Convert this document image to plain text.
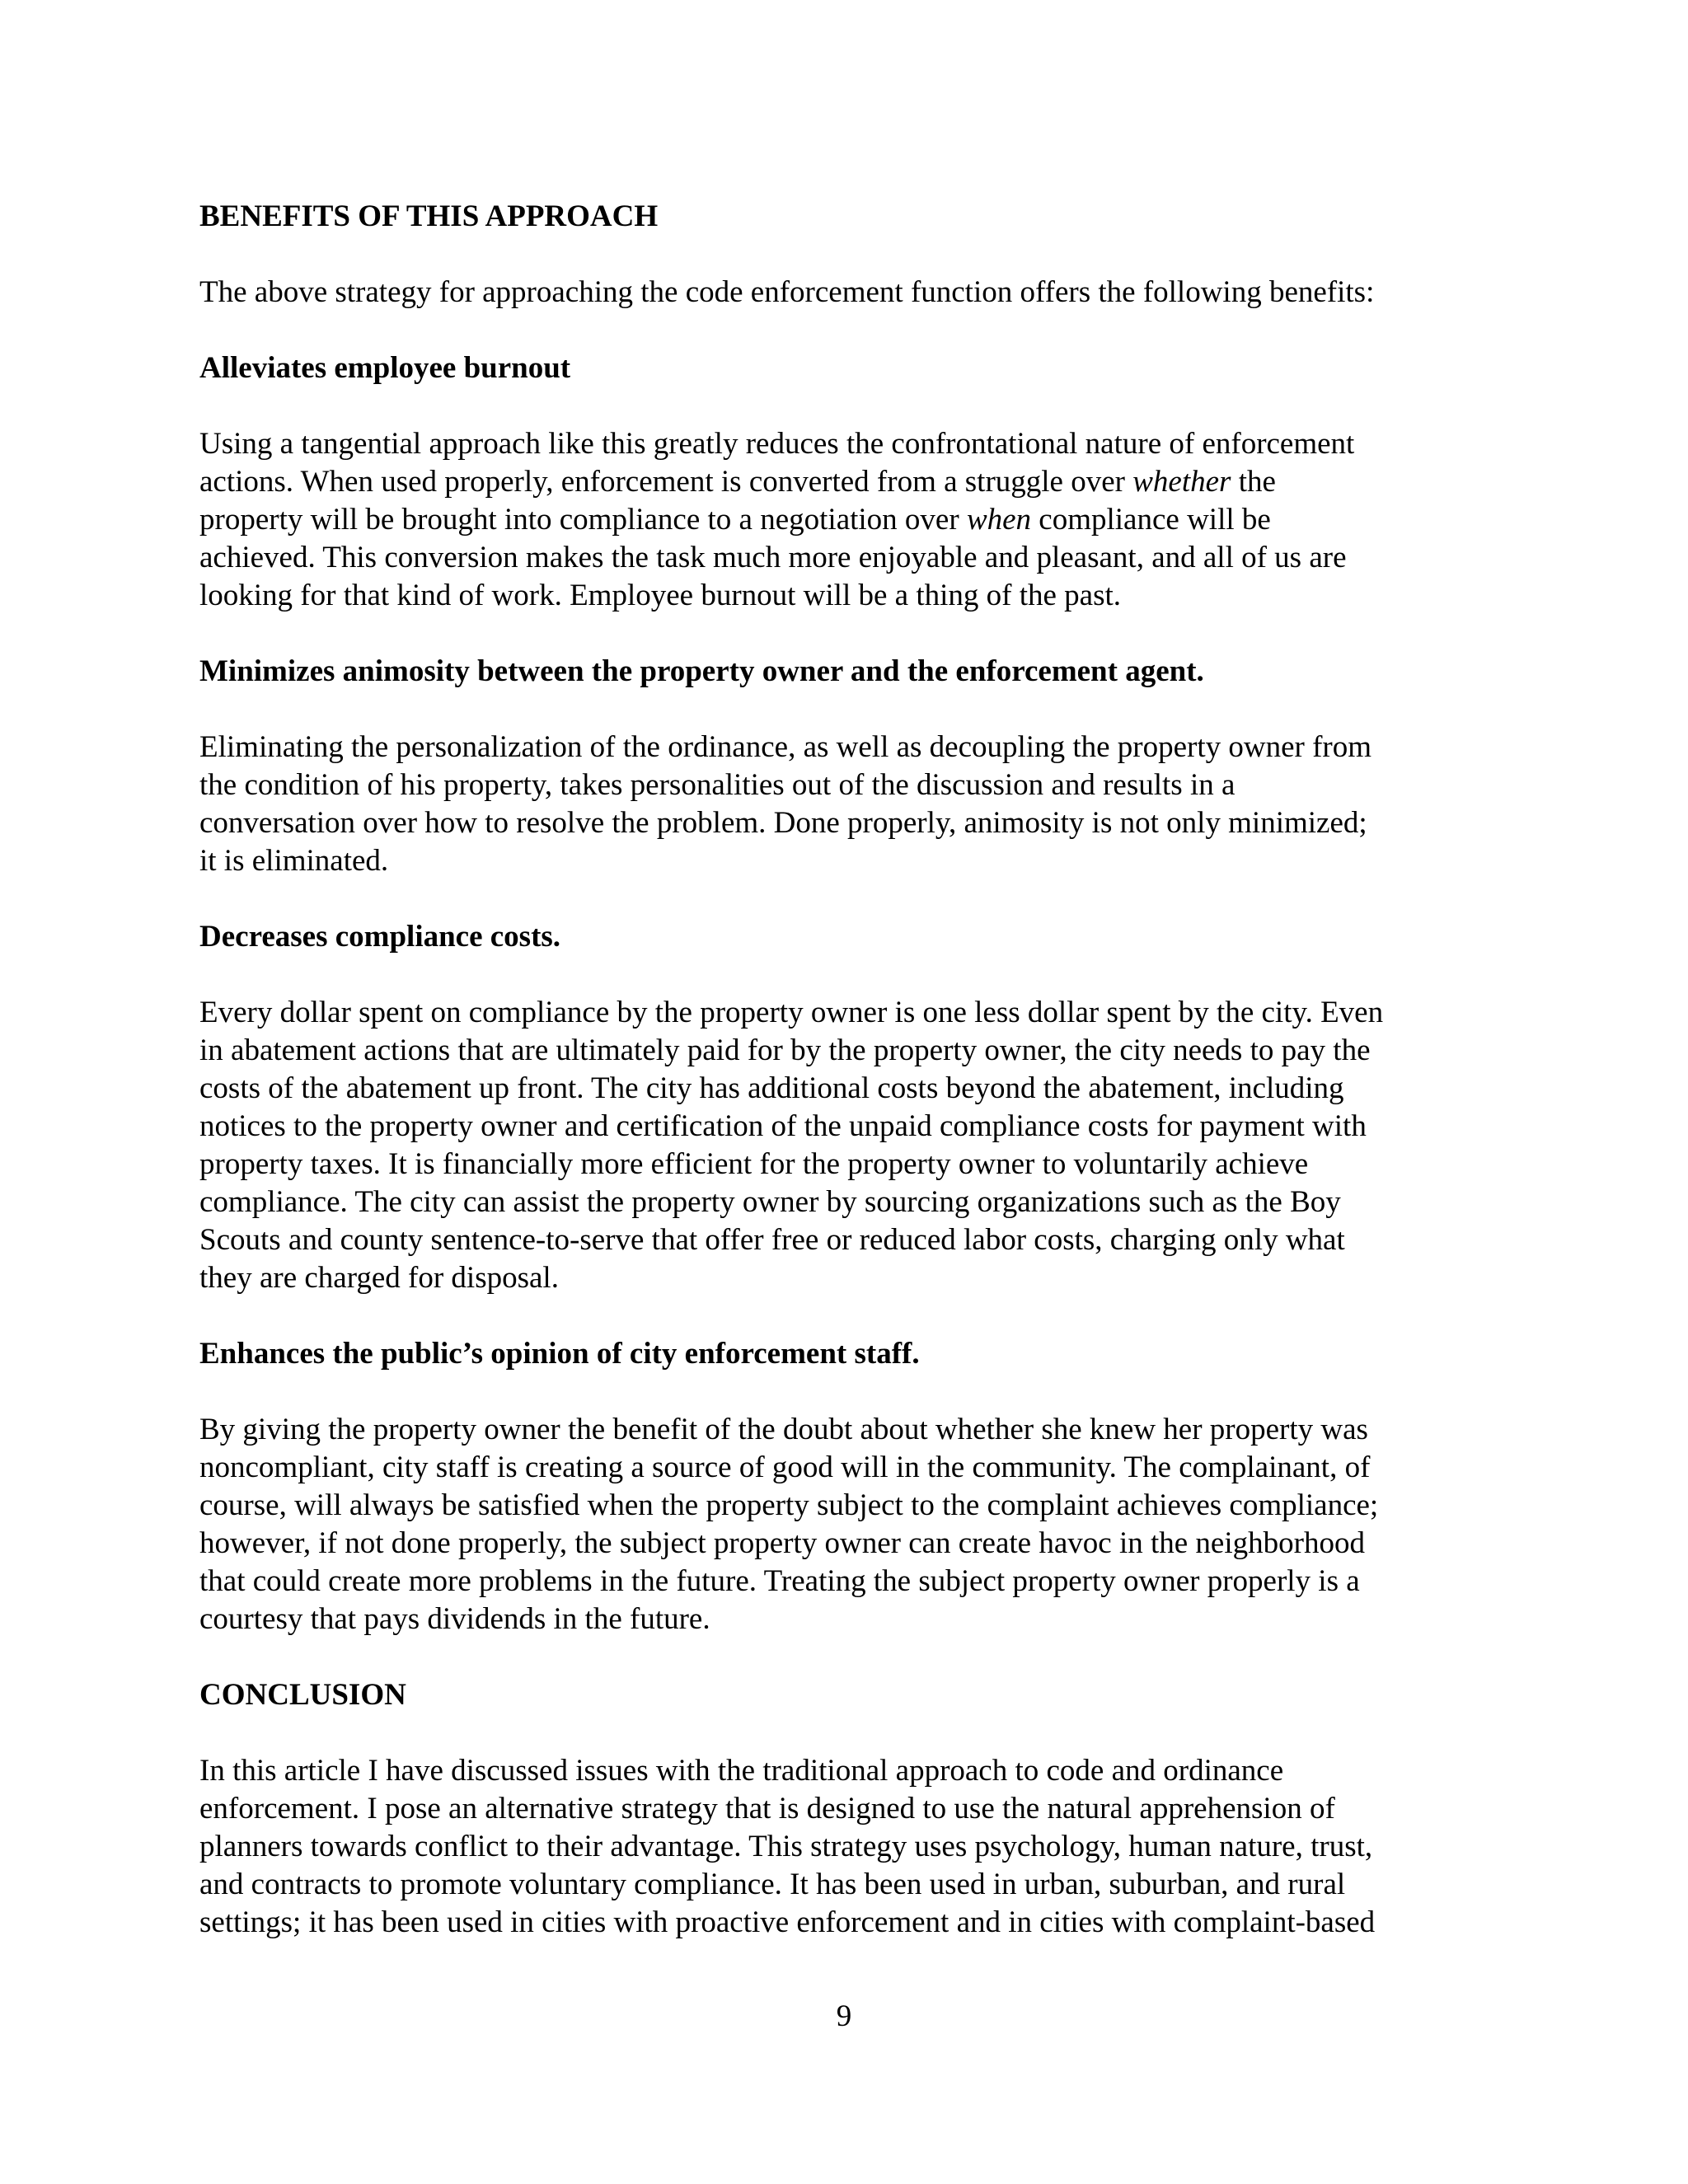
BENEFITS OF THIS APPROACH
The above strategy for approaching the code enforcement function offers the following benefits:
Alleviates employee burnout
Using a tangential approach like this greatly reduces the confrontational nature of enforcement
actions. When used properly, enforcement is converted from a struggle over whether the
property will be brought into compliance to a negotiation over when compliance will be
achieved. This conversion makes the task much more enjoyable and pleasant, and all of us are
looking for that kind of work. Employee burnout will be a thing of the past.
Minimizes animosity between the property owner and the enforcement agent.
Eliminating the personalization of the ordinance, as well as decoupling the property owner from
the condition of his property, takes personalities out of the discussion and results in a
conversation over how to resolve the problem. Done properly, animosity is not only minimized;
it is eliminated.
Decreases compliance costs.
Every dollar spent on compliance by the property owner is one less dollar spent by the city. Even
in abatement actions that are ultimately paid for by the property owner, the city needs to pay the
costs of the abatement up front. The city has additional costs beyond the abatement, including
notices to the property owner and certification of the unpaid compliance costs for payment with
property taxes. It is financially more efficient for the property owner to voluntarily achieve
compliance. The city can assist the property owner by sourcing organizations such as the Boy
Scouts and county sentence-to-serve that offer free or reduced labor costs, charging only what
they are charged for disposal.
Enhances the public’s opinion of city enforcement staff.
By giving the property owner the benefit of the doubt about whether she knew her property was
noncompliant, city staff is creating a source of good will in the community. The complainant, of
course, will always be satisfied when the property subject to the complaint achieves compliance;
however, if not done properly, the subject property owner can create havoc in the neighborhood
that could create more problems in the future. Treating the subject property owner properly is a
courtesy that pays dividends in the future.
CONCLUSION
In this article I have discussed issues with the traditional approach to code and ordinance
enforcement. I pose an alternative strategy that is designed to use the natural apprehension of
planners towards conflict to their advantage. This strategy uses psychology, human nature, trust,
and contracts to promote voluntary compliance. It has been used in urban, suburban, and rural
settings; it has been used in cities with proactive enforcement and in cities with complaint-based
9
